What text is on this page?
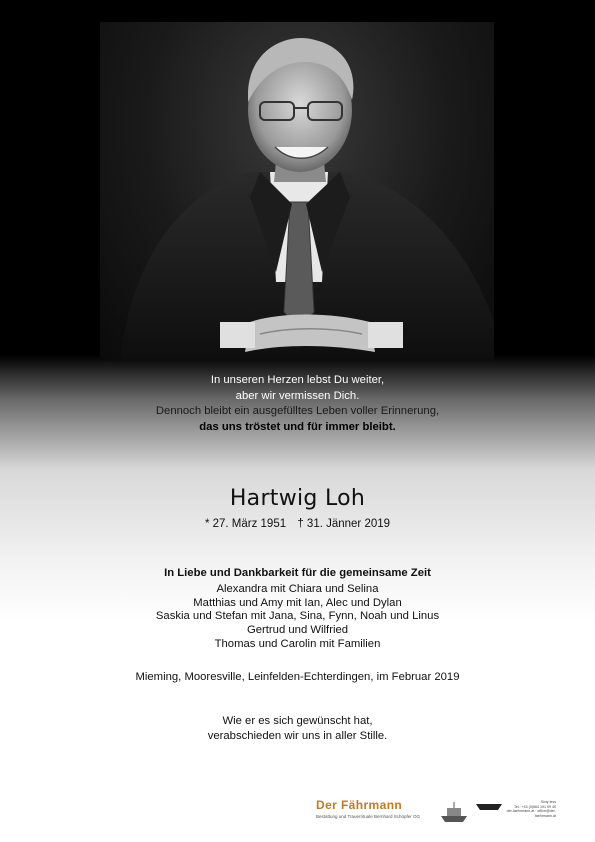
In unseren Herzen lebst Du weiter,
aber wir vermissen Dich.
Dennoch bleibt ein ausgefülltes Leben voller Erinnerung,
das uns tröstet und für immer bleibt.
Hartwig Loh
* 27. März 1951 † 31. Jänner 2019
In Liebe und Dankbarkeit für die gemeinsame Zeit
Alexandra mit Chiara und Selina
Matthias und Amy mit Ian, Alec und Dylan
Saskia und Stefan mit Jana, Sina, Fynn, Noah und Linus
Gertrud und Wilfried
Thomas und Carolin mit Familien
Mieming, Mooresville, Leinfelden-Echterdingen, im Februar 2019
Wie er es sich gewünscht hat,
verabschieden wir uns in aller Stille.
Der Fährmann
Bestattung und Trauerrituale Bernhard Schöpfer OG
Sixty less
Tel.: +43 (0)664 191 99 40
der-faehrmann.at · office@der-faehrmann.at
